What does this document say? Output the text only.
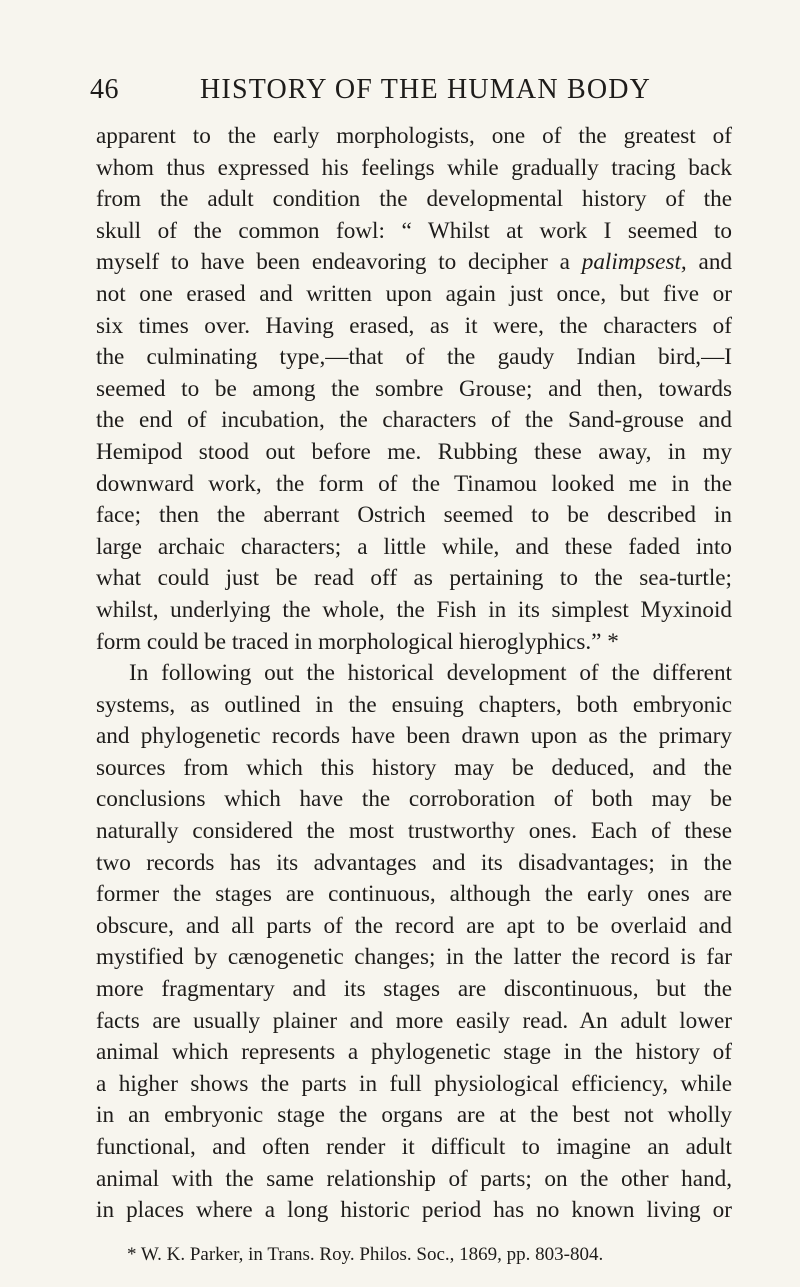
46	HISTORY OF THE HUMAN BODY
apparent to the early morphologists, one of the greatest of
whom thus expressed his feelings while gradually tracing back
from the adult condition the developmental history of the
skull of the common fowl: “ Whilst at work I seemed to
myself to have been endeavoring to decipher a palimpsest, and
not one erased and written upon again just once, but five or
six times over. Having erased, as it were, the characters of
the culminating type,—that of the gaudy Indian bird,—I
seemed to be among the sombre Grouse; and then, towards
the end of incubation, the characters of the Sand-grouse and
Hemipod stood out before me. Rubbing these away, in my
downward work, the form of the Tinamou looked me in the
face; then the aberrant Ostrich seemed to be described in
large archaic characters; a little while, and these faded into
what could just be read off as pertaining to the sea-turtle;
whilst, underlying the whole, the Fish in its simplest Myxinoid
form could be traced in morphological hieroglyphics.” *
In following out the historical development of the different
systems, as outlined in the ensuing chapters, both embryonic
and phylogenetic records have been drawn upon as the primary
sources from which this history may be deduced, and the
conclusions which have the corroboration of both may be
naturally considered the most trustworthy ones. Each of these
two records has its advantages and its disadvantages; in the
former the stages are continuous, although the early ones are
obscure, and all parts of the record are apt to be overlaid and
mystified by cænogenetic changes; in the latter the record is far
more fragmentary and its stages are discontinuous, but the
facts are usually plainer and more easily read. An adult lower
animal which represents a phylogenetic stage in the history of
a higher shows the parts in full physiological efficiency, while
in an embryonic stage the organs are at the best not wholly
functional, and often render it difficult to imagine an adult
animal with the same relationship of parts; on the other hand,
in places where a long historic period has no known living or
* W. K. Parker, in Trans. Roy. Philos. Soc., 1869, pp. 803-804.
